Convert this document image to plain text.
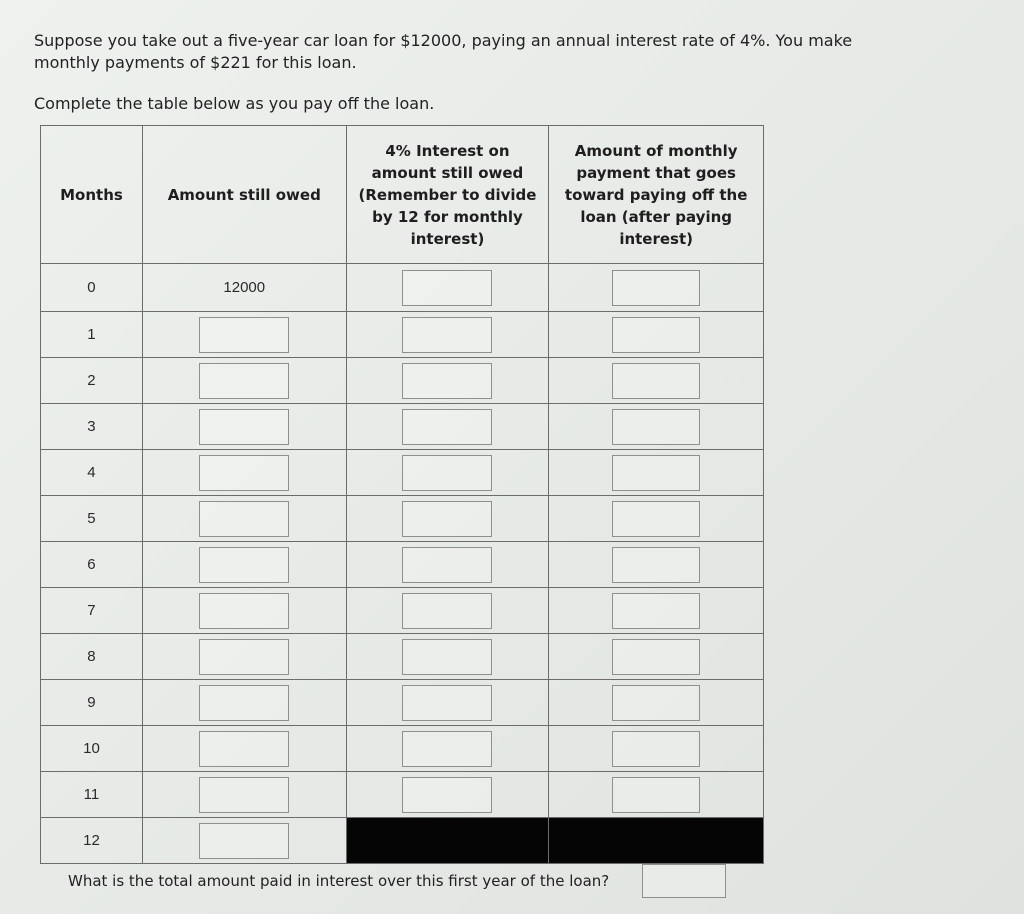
Suppose you take out a five-year car loan for $12000, paying an annual interest rate of 4%. You make monthly payments of $221 for this loan.
Complete the table below as you pay off the loan.
Months	Amount still owed	4% Interest on amount still owed (Remember to divide by 12 for monthly interest)	Amount of monthly payment that goes toward paying off the loan (after paying interest)
0	12000		
1			
2			
3			
4			
5			
6			
7			
8			
9			
10			
11			
12			
What is the total amount paid in interest over this first year of the loan?
